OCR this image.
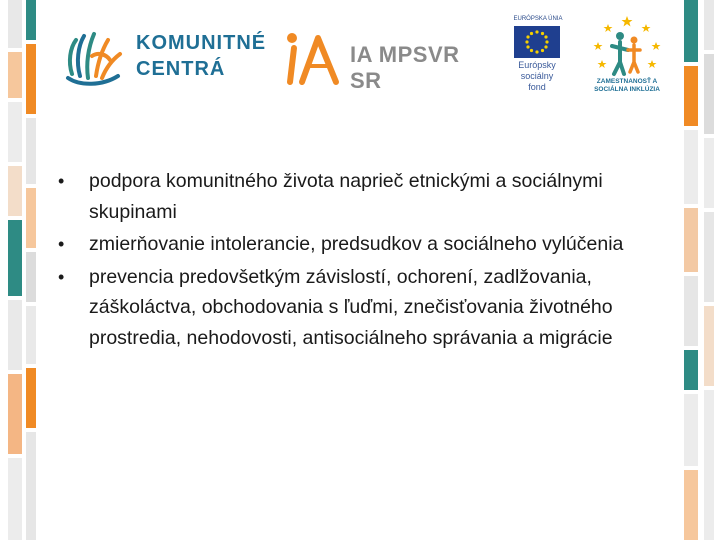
KOMUNITNÉ
CENTRÁ
IA MPSVR SR
EURÓPSKA ÚNIA
Európsky sociálny fond
ZAMESTNANOSŤ A SOCIÁLNA INKLÚZIA
• podpora komunitného života naprieč etnickými a sociálnymi skupinami
• zmierňovanie intolerancie, predsudkov a sociálneho vylúčenia
• prevencia predovšetkým závislostí, ochorení, zadlžovania, záškoláctva, obchodovania s ľuďmi, znečisťovania životného prostredia, nehodovosti, antisociálneho správania a migrácie
